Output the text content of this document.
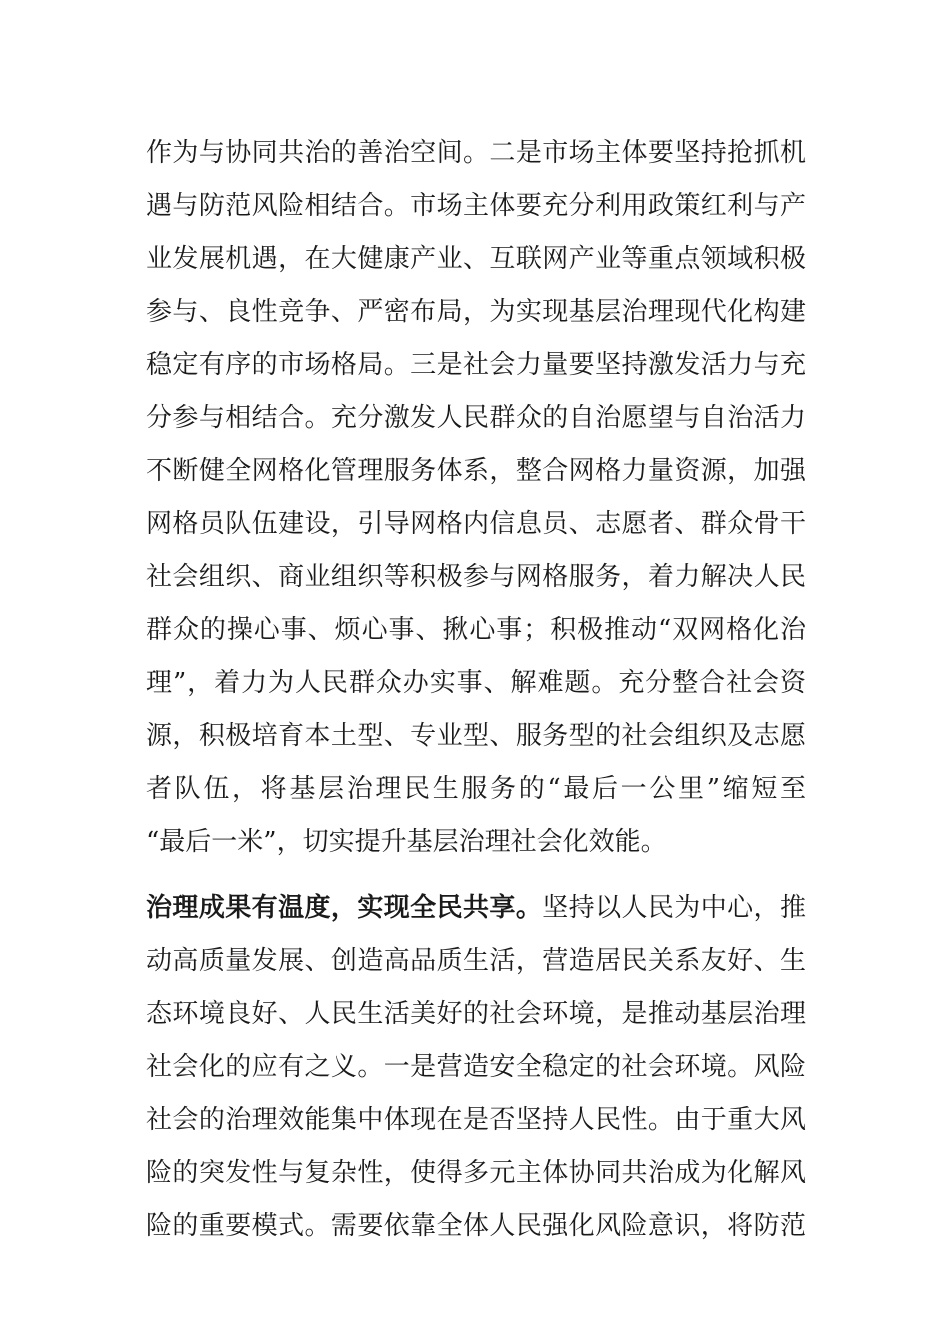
作为与协同共治的善治空间。二是市场主体要坚持抢抓机
遇与防范风险相结合。市场主体要充分利用政策红利与产
业发展机遇，在大健康产业、互联网产业等重点领域积极
参与、良性竞争、严密布局，为实现基层治理现代化构建
稳定有序的市场格局。三是社会力量要坚持激发活力与充
分参与相结合。充分激发人民群众的自治愿望与自治活力
不断健全网格化管理服务体系，整合网格力量资源，加强
网格员队伍建设，引导网格内信息员、志愿者、群众骨干
社会组织、商业组织等积极参与网格服务，着力解决人民
群众的操心事、烦心事、揪心事；积极推动“双网格化治
理”，着力为人民群众办实事、解难题。充分整合社会资
源，积极培育本土型、专业型、服务型的社会组织及志愿
者队伍，将基层治理民生服务的“最后一公里”缩短至
“最后一米”，切实提升基层治理社会化效能。
治理成果有温度，实现全民共享。坚持以人民为中心，推
动高质量发展、创造高品质生活，营造居民关系友好、生
态环境良好、人民生活美好的社会环境，是推动基层治理
社会化的应有之义。一是营造安全稳定的社会环境。风险
社会的治理效能集中体现在是否坚持人民性。由于重大风
险的突发性与复杂性，使得多元主体协同共治成为化解风
险的重要模式。需要依靠全体人民强化风险意识，将防范
